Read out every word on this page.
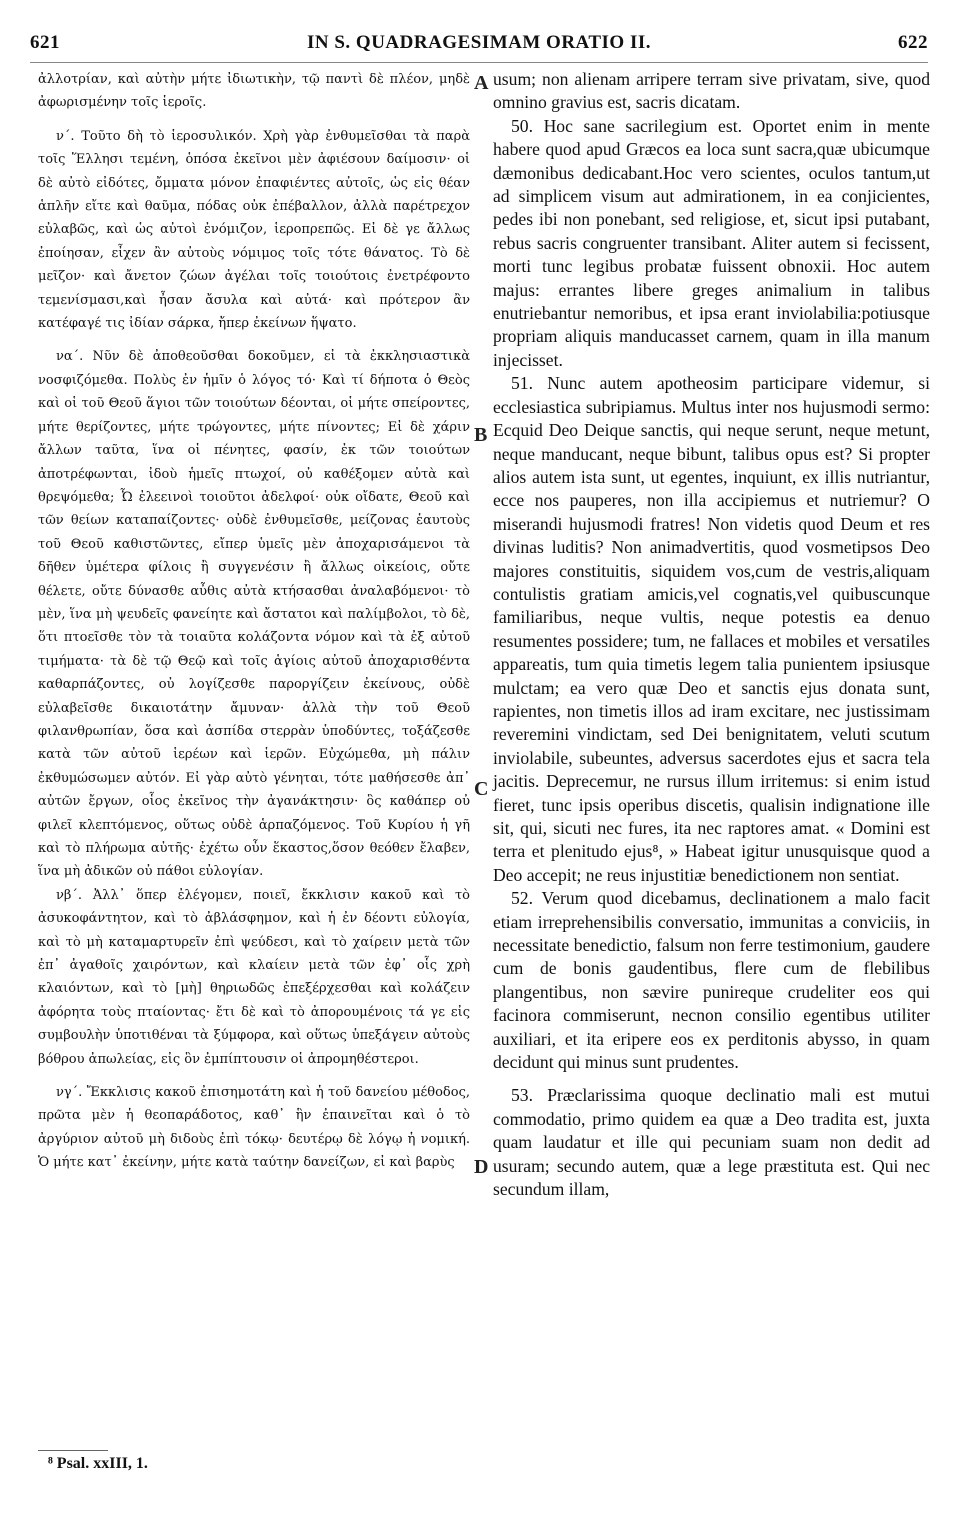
621	IN S. QUADRAGESIMAM ORATIO II.	622

ἀλλοτρίαν, καὶ αὐτὴν μήτε ἰδιωτικὴν, τῷ παντὶ δὲ πλέον, μηδὲ ἀφωρισμένην τοῖς ἱεροῖς.

ν΄. Τοῦτο δὴ τὸ ἱεροσυλικόν. Χρὴ γὰρ ἐνθυμεῖσθαι τὰ παρὰ τοῖς Ἕλλησι τεμένη, ὁπόσα ἐκεῖνοι μὲν ἀφιέσουν δαίμοσιν· οἱ δὲ αὐτὸ εἰδότες, ὄμματα μόνον ἐπαφιέντες αὐτοῖς, ὡς εἰς θέαν ἁπλῆν εἴτε καὶ θαῦμα, πόδας οὐκ ἐπέβαλλον, ἀλλὰ παρέτρεχον εὐλαβῶς, καὶ ὡς αὐτοὶ ἐνόμιζον, ἱεροπρεπῶς. Εἰ δὲ γε ἄλλως ἐποίησαν, εἶχεν ἂν αὐτοὺς νόμιμος τοῖς τότε θάνατος. Τὸ δὲ μεῖζον· καὶ ἄνετον ζώων ἀγέλαι τοῖς τοιούτοις ἐνετρέφοντο τεμενίσμασι,καὶ ἦσαν ἄσυλα καὶ αὐτά· καὶ πρότερον ἂν κατέφαγέ τις ἰδίαν σάρκα, ἤπερ ἐκείνων ἥψατο.

να΄. Νῦν δὲ ἀποθεοῦσθαι δοκοῦμεν, εἰ τὰ ἐκκλησιαστικὰ νοσφιζόμεθα. Πολὺς ἐν ἡμῖν ὁ λόγος τό· Καὶ τί δήποτα ὁ Θεὸς καὶ οἱ τοῦ Θεοῦ ἅγιοι τῶν τοιούτων δέονται, οἱ μήτε σπείροντες, μήτε θερίζοντες, μήτε τρώγοντες, μήτε πίνοντες; Εἰ δὲ χάριν ἄλλων ταῦτα, ἵνα οἱ πένητες, φασίν, ἐκ τῶν τοιούτων ἀποτρέφωνται, ἰδοὺ ἡμεῖς πτωχοί, οὐ καθέξομεν αὐτὰ καὶ θρεψόμεθα; Ὦ ἐλεεινοὶ τοιοῦτοι ἀδελφοί· οὐκ οἴδατε, Θεοῦ καὶ τῶν θείων καταπαίζοντες· οὐδὲ ἐνθυμεῖσθε, μείζονας ἑαυτοὺς τοῦ Θεοῦ καθιστῶντες, εἴπερ ὑμεῖς μὲν ἀποχαρισάμενοι τὰ δῆθεν ὑμέτερα φίλοις ἢ συγγενέσιν ἢ ἄλλως οἰκείοις, οὔτε θέλετε, οὔτε δύνασθε αὖθις αὐτὰ κτήσασθαι ἀναλαβόμενοι· τὸ μὲν, ἵνα μὴ ψευδεῖς φανείητε καὶ ἄστατοι καὶ παλίμβολοι, τὸ δὲ, ὅτι πτοεῖσθε τὸν τὰ τοιαῦτα κολάζοντα νόμον καὶ τὰ ἐξ αὐτοῦ τιμήματα· τὰ δὲ τῷ Θεῷ καὶ τοῖς ἁγίοις αὐτοῦ ἀποχαρισθέντα καθαρπάζοντες, οὐ λογίζεσθε παροργίζειν ἐκείνους, οὐδὲ εὐλαβεῖσθε δικαιοτάτην ἄμυναν· ἀλλὰ τὴν τοῦ Θεοῦ φιλανθρωπίαν, ὅσα καὶ ἀσπίδα στερρὰν ὑποδύντες, τοξάζεσθε κατὰ τῶν αὐτοῦ ἱερέων καὶ ἱερῶν. Εὐχώμεθα, μὴ πάλιν ἐκθυμώσωμεν αὐτόν. Εἰ γὰρ αὐτὸ γένηται, τότε μαθήσεσθε ἀπ᾽ αὐτῶν ἔργων, οἷος ἐκεῖνος τὴν ἀγανάκτησιν· ὃς καθάπερ οὐ φιλεῖ κλεπτόμενος, οὕτως οὐδὲ ἁρπαζόμενος. Τοῦ Κυρίου ἡ γῆ καὶ τὸ πλήρωμα αὐτῆς· ἐχέτω οὖν ἕκαστος,ὅσον θεόθεν ἔλαβεν, ἵνα μὴ ἀδικῶν οὐ πάθοι εὐλογίαν.

νβ΄. Ἀλλ᾽ ὅπερ ἐλέγομεν, ποιεῖ, ἔκκλισιν κακοῦ καὶ τὸ ἀσυκοφάντητον, καὶ τὸ ἀβλάσφημον, καὶ ἡ ἐν δέοντι εὐλογία, καὶ τὸ μὴ καταμαρτυρεῖν ἐπὶ ψεύδεσι, καὶ τὸ χαίρειν μετὰ τῶν ἐπ᾽ ἀγαθοῖς χαιρόντων, καὶ κλαίειν μετὰ τῶν ἐφ᾽ οἷς χρὴ κλαιόντων, καὶ τὸ [μὴ] θηριωδῶς ἐπεξέρχεσθαι καὶ κολάζειν ἀφόρητα τοὺς πταίοντας· ἔτι δὲ καὶ τὸ ἀπορουμένοις τά γε εἰς συμβουλὴν ὑποτιθέναι τὰ ξύμφορα, καὶ οὕτως ὑπεξάγειν αὐτοὺς βόθρου ἀπωλείας, εἰς ὃν ἐμπίπτουσιν οἱ ἀπρομηθέστεροι.

νγ΄. Ἔκκλισις κακοῦ ἐπισημοτάτη καὶ ἡ τοῦ δανείου μέθοδος, πρῶτα μὲν ἡ θεοπαράδοτος, καθ᾽ ἣν ἐπαινεῖται καὶ ὁ τὸ ἀργύριον αὐτοῦ μὴ διδοὺς ἐπὶ τόκῳ· δευτέρῳ δὲ λόγῳ ἡ νομική. Ὁ μήτε κατ᾽ ἐκείνην, μήτε κατὰ ταύτην δανείζων, εἰ καὶ βαρὺς

usum; non alienam arripere terram sive privatam, sive, quod omnino gravius est, sacris dicatam.

50. Hoc sane sacrilegium est. Oportet enim in mente habere quod apud Græcos ea loca sunt sacra,quæ ubicumque dæmonibus dedicabant.Hoc vero scientes, oculos tantum,ut ad simplicem visum aut admirationem, in ea conjicientes, pedes ibi non ponebant, sed religiose, et, sicut ipsi putabant, rebus sacris congruenter transibant. Aliter autem si fecissent, morti tunc legibus probatæ fuissent obnoxii. Hoc autem majus: errantes libere greges animalium in talibus enutriebantur nemoribus, et ipsa erant inviolabilia:potiusque propriam aliquis manducasset carnem, quam in illa manum injecisset.

51. Nunc autem apotheosim participare videmur, si ecclesiastica subripiamus. Multus inter nos hujusmodi sermo: Ecquid Deo Deique sanctis, qui neque serunt, neque metunt, neque manducant, neque bibunt, talibus opus est? Si propter alios autem ista sunt, ut egentes, inquiunt, ex illis nutriantur, ecce nos pauperes, non illa accipiemus et nutriemur? O miserandi hujusmodi fratres! Non videtis quod Deum et res divinas luditis? Non animadvertitis, quod vosmetipsos Deo majores constituitis, siquidem vos,cum de vestris,aliquam contulistis gratiam amicis,vel cognatis,vel quibuscunque familiaribus, neque vultis, neque potestis ea denuo resumentes possidere; tum, ne fallaces et mobiles et versatiles appareatis, tum quia timetis legem talia punientem ipsiusque mulctam; ea vero quæ Deo et sanctis ejus donata sunt, rapientes, non timetis illos ad iram excitare, nec justissimam reveremini vindictam, sed Dei benignitatem, veluti scutum inviolabile, subeuntes, adversus sacerdotes ejus et sacra tela jacitis. Deprecemur, ne rursus illum irritemus: si enim istud fieret, tunc ipsis operibus discetis, qualisin indignatione ille sit, qui, sicuti nec fures, ita nec raptores amat. « Domini est terra et plenitudo ejus⁸, » Habeat igitur unusquisque quod a Deo accepit; ne reus injustitiæ benedictionem non sentiat.

52. Verum quod dicebamus, declinationem a malo facit etiam irreprehensibilis conversatio, immunitas a conviciis, in necessitate benedictio, falsum non ferre testimonium, gaudere cum de bonis gaudentibus, flere cum de flebilibus plangentibus, non sævire punireque crudeliter eos qui facinora commiserunt, necnon consilio egentibus utiliter auxiliari, et ita eripere eos ex perditonis abysso, in quam decidunt qui minus sunt prudentes.

53. Præclarissima quoque declinatio mali est mutui commodatio, primo quidem ea quæ a Deo tradita est, juxta quam laudatur et ille qui pecuniam suam non dedit ad usuram; secundo autem, quæ a lege præstituta est. Qui nec secundum illam,

A
B
C
D
⁸ Psal. xxIII, 1.
